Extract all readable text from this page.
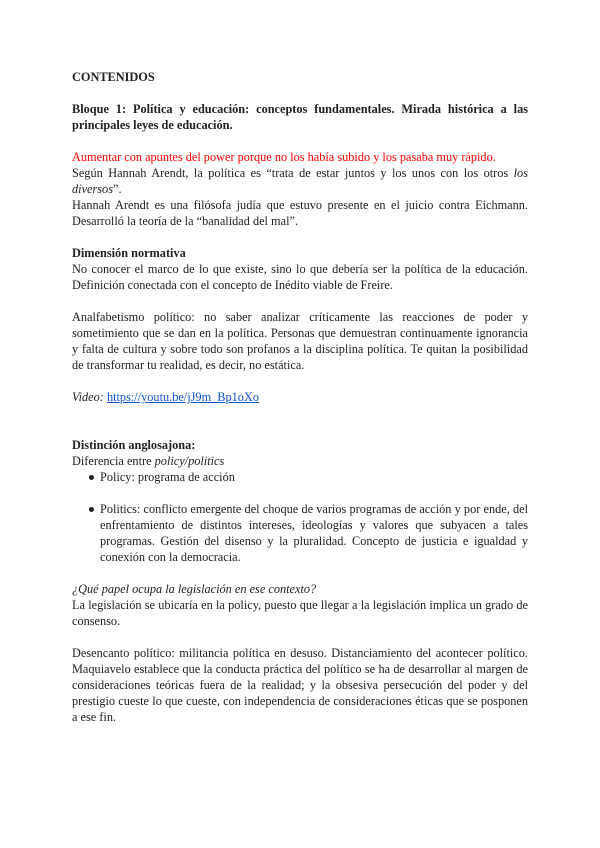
CONTENIDOS

Bloque 1: Política y educación: conceptos fundamentales. Mirada histórica a las principales leyes de educación.

Aumentar con apuntes del power porque no los había subido y los pasaba muy rápido.

Según Hannah Arendt, la política es “trata de estar juntos y los unos con los otros los diversos”.

Hannah Arendt es una filósofa judía que estuvo presente en el juicio contra Eichmann. Desarrolló la teoría de la “banalidad del mal”.

Dimensión normativa

No conocer el marco de lo que existe, sino lo que debería ser la política de la educación. Definición conectada con el concepto de Inédito viable de Freire.

Analfabetismo político: no saber analizar críticamente las reacciones de poder y sometimiento que se dan en la política. Personas que demuestran continuamente ignorancia y falta de cultura y sobre todo son profanos a la disciplina política. Te quitan la posibilidad de transformar tu realidad, es decir, no estática.

Video: https://youtu.be/jJ9m_Bp1oXo

Distinción anglosajona:

Diferencia entre policy/politics

Policy: programa de acción
Politics: conflicto emergente del choque de varios programas de acción y por ende, del enfrentamiento de distintos intereses, ideologías y valores que subyacen a tales programas. Gestión del disenso y la pluralidad. Concepto de justicia e igualdad y conexión con la democracia.

¿Qué papel ocupa la legislación en ese contexto?

La legislación se ubicaría en la policy, puesto que llegar a la legislación implica un grado de consenso.

Desencanto político: militancia política en desuso. Distanciamiento del acontecer político. Maquiavelo establece que la conducta práctica del político se ha de desarrollar al margen de consideraciones teóricas fuera de la realidad; y la obsesiva persecución del poder y del prestigio cueste lo que cueste, con independencia de consideraciones éticas que se posponen a ese fin.
